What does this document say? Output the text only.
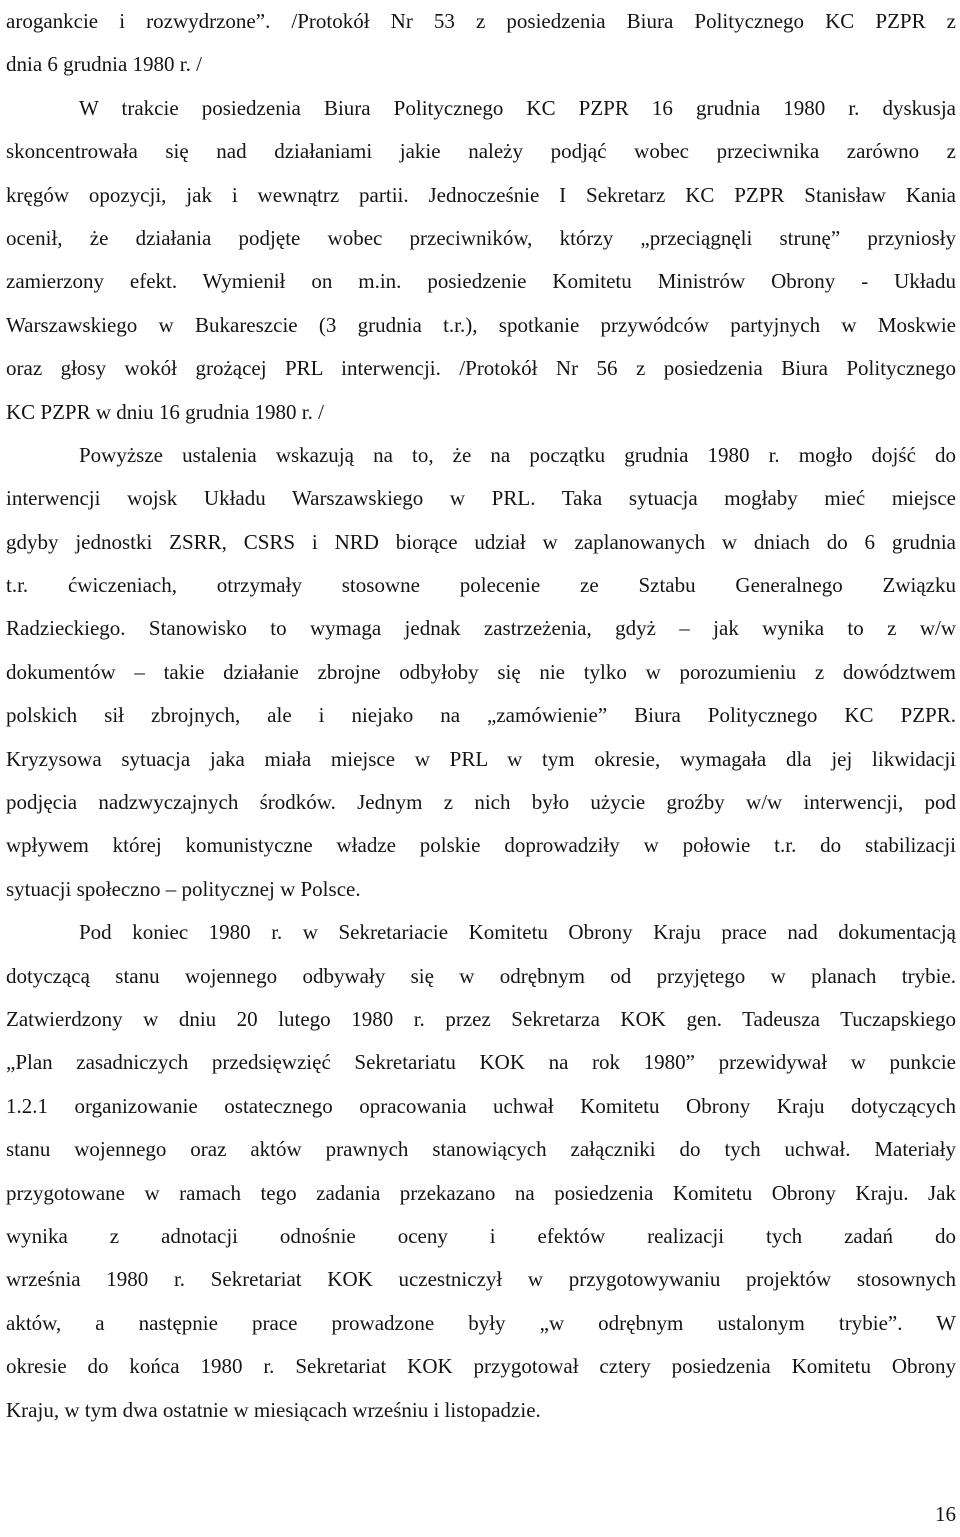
arogankcie i rozwydrzone”. /Protokół Nr 53 z posiedzenia Biura Politycznego KC PZPR z
dnia 6 grudnia 1980 r. /
W trakcie posiedzenia Biura Politycznego KC PZPR 16 grudnia 1980 r. dyskusja
skoncentrowała się nad działaniami jakie należy podjąć wobec przeciwnika zarówno z
kręgów opozycji, jak i wewnątrz partii. Jednocześnie I Sekretarz KC PZPR Stanisław Kania
ocenił, że działania podjęte wobec przeciwników, którzy „przeciągnęli strunę” przyniosły
zamierzony efekt. Wymienił on m.in. posiedzenie Komitetu Ministrów Obrony - Układu
Warszawskiego w Bukareszcie (3 grudnia t.r.), spotkanie przywódców partyjnych w Moskwie
oraz głosy wokół grożącej PRL interwencji. /Protokół Nr 56 z posiedzenia Biura Politycznego
KC PZPR w dniu 16 grudnia 1980 r. /
Powyższe ustalenia wskazują na to, że na początku grudnia 1980 r. mogło dojść do
interwencji wojsk Układu Warszawskiego w PRL. Taka sytuacja mogłaby mieć miejsce
gdyby jednostki ZSRR, CSRS i NRD biorące udział w zaplanowanych w dniach do 6 grudnia
t.r. ćwiczeniach, otrzymały stosowne polecenie ze Sztabu Generalnego Związku
Radzieckiego. Stanowisko to wymaga jednak zastrzeżenia, gdyż – jak wynika to z w/w
dokumentów – takie działanie zbrojne odbyłoby się nie tylko w porozumieniu z dowództwem
polskich sił zbrojnych, ale i niejako na „zamówienie” Biura Politycznego KC PZPR.
Kryzysowa sytuacja jaka miała miejsce w PRL w tym okresie, wymagała dla jej likwidacji
podjęcia nadzwyczajnych środków. Jednym z nich było użycie groźby w/w interwencji, pod
wpływem której komunistyczne władze polskie doprowadziły w połowie t.r. do stabilizacji
sytuacji społeczno – politycznej w Polsce.
Pod koniec 1980 r. w Sekretariacie Komitetu Obrony Kraju prace nad dokumentacją
dotyczącą stanu wojennego odbywały się w odrębnym od przyjętego w planach trybie.
Zatwierdzony w dniu 20 lutego 1980 r. przez Sekretarza KOK gen. Tadeusza Tuczapskiego
„Plan zasadniczych przedsięwzięć Sekretariatu KOK na rok 1980” przewidywał w punkcie
1.2.1 organizowanie ostatecznego opracowania uchwał Komitetu Obrony Kraju dotyczących
stanu wojennego oraz aktów prawnych stanowiących załączniki do tych uchwał. Materiały
przygotowane w ramach tego zadania przekazano na posiedzenia Komitetu Obrony Kraju. Jak
wynika z adnotacji odnośnie oceny i efektów realizacji tych zadań do
września 1980 r. Sekretariat KOK uczestniczył w przygotowywaniu projektów stosownych
aktów, a następnie prace prowadzone były „w odrębnym ustalonym trybie”. W
okresie do końca 1980 r. Sekretariat KOK przygotował cztery posiedzenia Komitetu Obrony
Kraju, w tym dwa ostatnie w miesiącach wrześniu i listopadzie.
16
